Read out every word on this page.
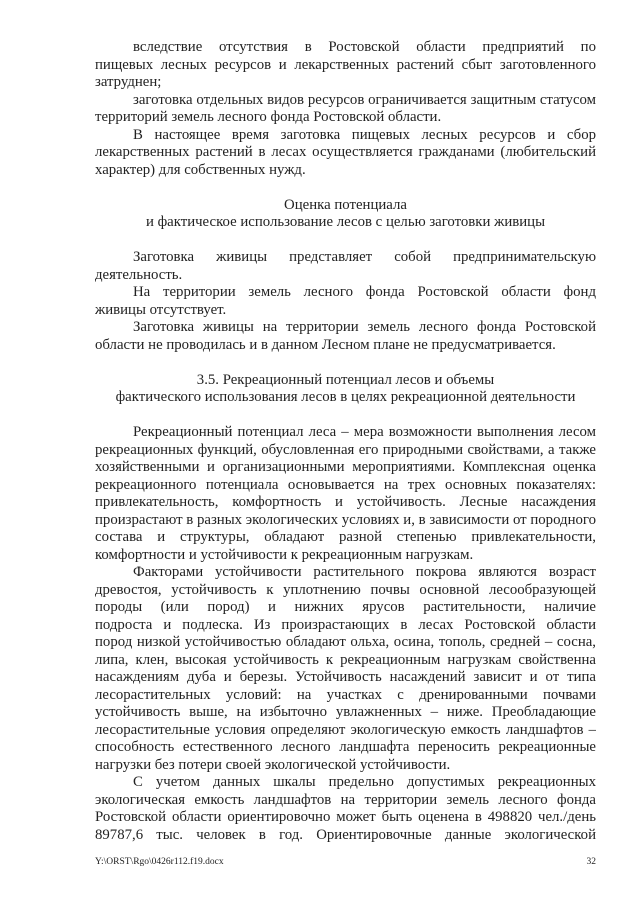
вследствие отсутствия в Ростовской области предприятий по
пищевых лесных ресурсов и лекарственных растений сбыт заготовленного
затруднен;
заготовка отдельных видов ресурсов ограничивается защитным статусом
территорий земель лесного фонда Ростовской области.
В настоящее время заготовка пищевых лесных ресурсов и сбор
лекарственных растений в лесах осуществляется гражданами (любительский
характер) для собственных нужд.
Оценка потенциала
и фактическое использование лесов с целью заготовки живицы
Заготовка живицы представляет собой предпринимательскую
деятельность.
На территории земель лесного фонда Ростовской области фонд
живицы отсутствует.
Заготовка живицы на территории земель лесного фонда Ростовской
области не проводилась и в данном Лесном плане не предусматривается.
3.5. Рекреационный потенциал лесов и объемы
фактического использования лесов в целях рекреационной деятельности
Рекреационный потенциал леса – мера возможности выполнения лесом
рекреационных функций, обусловленная его природными свойствами, а также
хозяйственными и организационными мероприятиями. Комплексная оценка
рекреационного потенциала основывается на трех основных показателях:
привлекательность, комфортность и устойчивость. Лесные насаждения
произрастают в разных экологических условиях и, в зависимости от породного
состава и структуры, обладают разной степенью привлекательности,
комфортности и устойчивости к рекреационным нагрузкам.
Факторами устойчивости растительного покрова являются возраст
древостоя, устойчивость к уплотнению почвы основной лесообразующей
породы (или пород) и нижних ярусов растительности, наличие
подроста и подлеска. Из произрастающих в лесах Ростовской области
пород низкой устойчивостью обладают ольха, осина, тополь, средней – сосна,
липа, клен, высокая устойчивость к рекреационным нагрузкам свойственна
насаждениям дуба и березы. Устойчивость насаждений зависит и от типа
лесорастительных условий: на участках с дренированными почвами
устойчивость выше, на избыточно увлажненных – ниже. Преобладающие
лесорастительные условия определяют экологическую емкость ландшафтов –
способность естественного лесного ландшафта переносить рекреационные
нагрузки без потери своей экологической устойчивости.
С учетом данных шкалы предельно допустимых рекреационных
экологическая емкость ландшафтов на территории земель лесного фонда
Ростовской области ориентировочно может быть оценена в 498820 чел./день
89787,6 тыс. человек в год. Ориентировочные данные экологической
Y:\ORST\Rgo\0426r112.f19.docx	32
